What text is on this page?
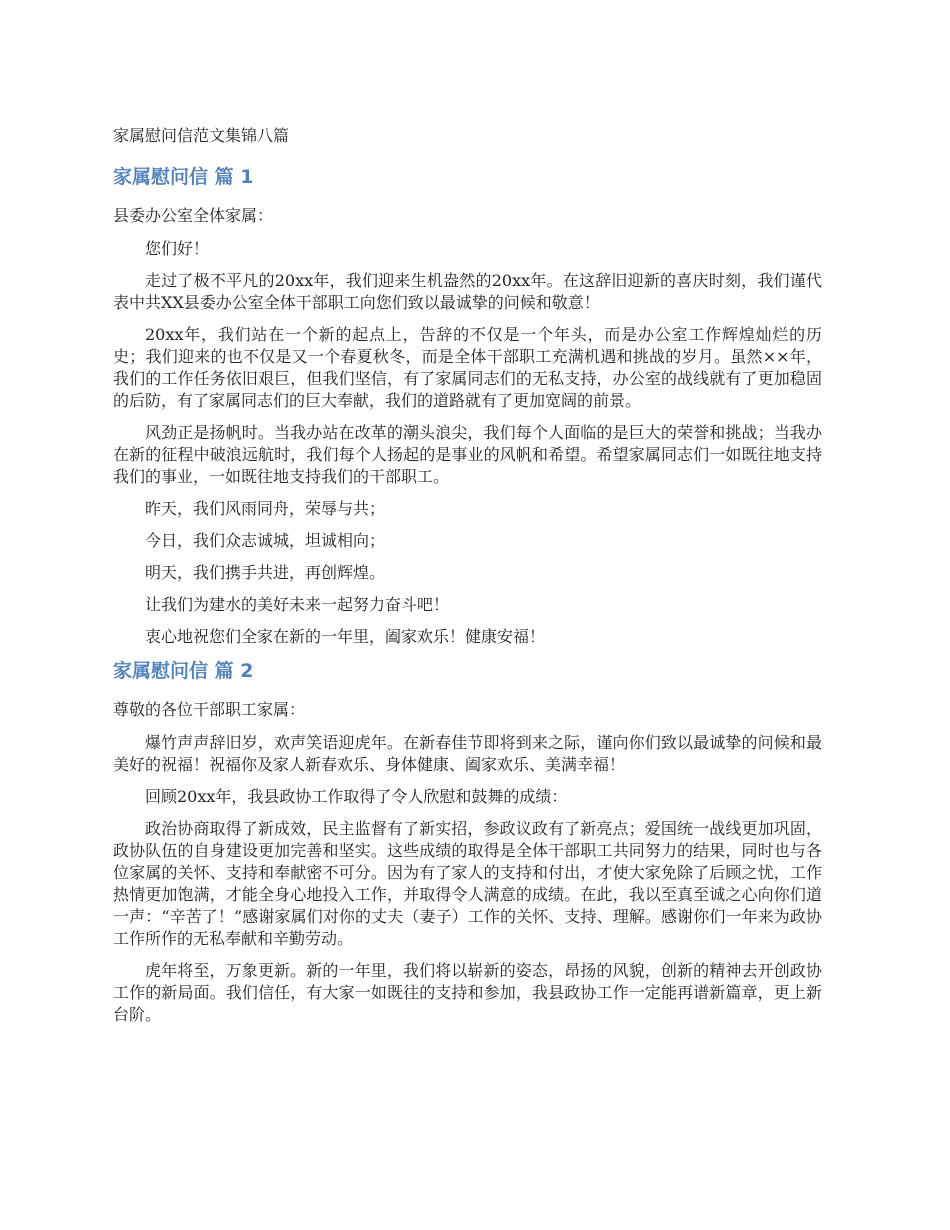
家属慰问信范文集锦八篇
家属慰问信 篇 1
县委办公室全体家属：

您们好！

走过了极不平凡的20xx年，我们迎来生机盎然的20xx年。在这辞旧迎新的喜庆时刻，我们谨代表中共XX县委办公室全体干部职工向您们致以最诚挚的问候和敬意！

20xx年，我们站在一个新的起点上，告辞的不仅是一个年头，而是办公室工作辉煌灿烂的历史；我们迎来的也不仅是又一个春夏秋冬，而是全体干部职工充满机遇和挑战的岁月。虽然××年，我们的工作任务依旧艰巨，但我们坚信，有了家属同志们的无私支持，办公室的战线就有了更加稳固的后防，有了家属同志们的巨大奉献，我们的道路就有了更加宽阔的前景。

风劲正是扬帆时。当我办站在改革的潮头浪尖，我们每个人面临的是巨大的荣誉和挑战；当我办在新的征程中破浪远航时，我们每个人扬起的是事业的风帆和希望。希望家属同志们一如既往地支持我们的事业，一如既往地支持我们的干部职工。

昨天，我们风雨同舟，荣辱与共；

今日，我们众志诚城，坦诚相向；

明天，我们携手共进，再创辉煌。

让我们为建水的美好未来一起努力奋斗吧！

衷心地祝您们全家在新的一年里，阖家欢乐！健康安福！

家属慰问信 篇 2
尊敬的各位干部职工家属：

爆竹声声辞旧岁，欢声笑语迎虎年。在新春佳节即将到来之际，谨向你们致以最诚挚的问候和最美好的祝福！祝福你及家人新春欢乐、身体健康、阖家欢乐、美满幸福！

回顾20xx年，我县政协工作取得了令人欣慰和鼓舞的成绩：

政治协商取得了新成效，民主监督有了新实招，参政议政有了新亮点；爱国统一战线更加巩固，政协队伍的自身建设更加完善和坚实。这些成绩的取得是全体干部职工共同努力的结果，同时也与各位家属的关怀、支持和奉献密不可分。因为有了家人的支持和付出，才使大家免除了后顾之忧，工作热情更加饱满，才能全身心地投入工作，并取得令人满意的成绩。在此，我以至真至诚之心向你们道一声：“辛苦了！”感谢家属们对你的丈夫（妻子）工作的关怀、支持、理解。感谢你们一年来为政协工作所作的无私奉献和辛勤劳动。

虎年将至，万象更新。新的一年里，我们将以崭新的姿态，昂扬的风貌，创新的精神去开创政协工作的新局面。我们信任，有大家一如既往的支持和参加，我县政协工作一定能再谱新篇章，更上新台阶。
